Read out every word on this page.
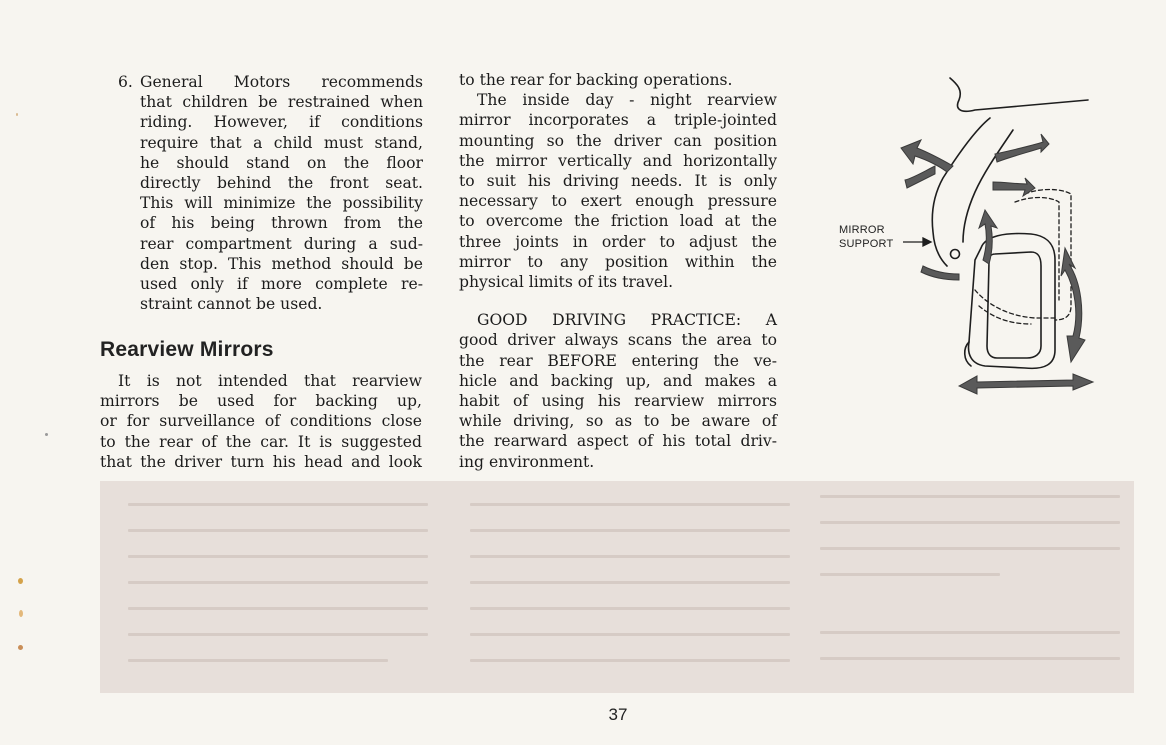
6. General Motors recommends

that children be restrained when

riding. However, if conditions

require that a child must stand,

he should stand on the floor

directly behind the front seat.

This will minimize the possibility

of his being thrown from the

rear compartment during a sud-

den stop. This method should be

used only if more complete re-

straint cannot be used.

Rearview Mirrors

It is not intended that rearview

mirrors be used for backing up,

or for surveillance of conditions close

to the rear of the car. It is suggested

that the driver turn his head and look

to the rear for backing operations.

The inside day - night rearview

mirror incorporates a triple-jointed

mounting so the driver can position

the mirror vertically and horizontally

to suit his driving needs. It is only

necessary to exert enough pressure

to overcome the friction load at the

three joints in order to adjust the

mirror to any position within the

physical limits of its travel.

GOOD DRIVING PRACTICE: A

good driver always scans the area to

the rear BEFORE entering the ve-

hicle and backing up, and makes a

habit of using his rearview mirrors

while driving, so as to be aware of

the rearward aspect of his total driv-

ing environment.

MIRROR
SUPPORT
37
